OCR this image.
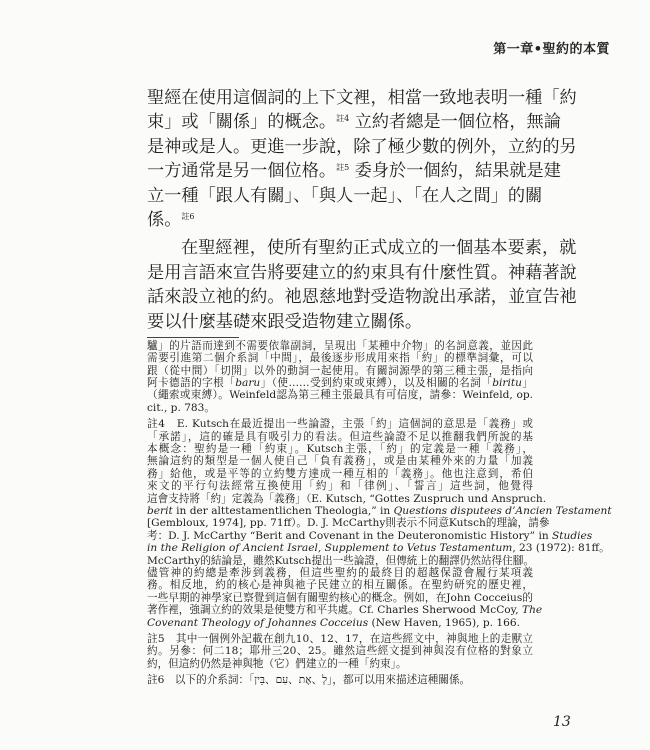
第一章•聖約的本質
聖經在使用這個詞的上下文裡，相當一致地表明一種「約
束」或「關係」的概念。$^{註4}$ 立約者總是一個位格，無論
是神或是人。更進一步說，除了極少數的例外，立約的另
一方通常是另一個位格。$^{註5}$ 委身於一個約，結果就是建
立一種「跟人有關」、「與人一起」、「在人之間」的關
係。$^{註6}$
在聖經裡，使所有聖約正式成立的一個基本要素，就
是用言語來宣告將要建立的約束具有什麼性質。神藉著說
話來設立祂的約。祂恩慈地對受造物說出承諾，並宣告祂
要以什麼基礎來跟受造物建立關係。
驢」的片語而達到不需要依靠副詞，呈現出「某種中介物」的名詞意義，並因此
需要引進第二個介系詞「中間」，最後逐步形成用來指「約」的標準詞彙，可以
跟（從中間）「切開」以外的動詞一起使用。有關詞源學的第三種主張，是指向
阿卡德語的字根「baru」（使……受到約束或束縛），以及相關的名詞「biritu」
（繩索或束縛）。Weinfeld認為第三種主張最具有可信度，請參：Weinfeld, op.
cit., p. 783。
註4　E. Kutsch在最近提出一些論證，主張「約」這個詞的意思是「義務」或
「承諾」，這的確是具有吸引力的看法。但這些論證不足以推翻我們所說的基
本概念：聖約是一種「約束」。Kutsch主張，「約」的定義是一種「義務」，
無論這約的類型是一個人使自己「負有義務」，或是由某種外來的力量「加義
務」給他，或是平等的立約雙方達成一種互相的「義務」。他也注意到，希伯
來文的平行句法經常互換使用「約」和「律例」、「誓言」這些詞，他覺得
這會支持將「約」定義為「義務」（E. Kutsch, “Gottes Zuspruch und Anspruch.
berit in der alttestamentlichen Theologia,” in Questions disputees d’Ancien Testament
[Gembloux, 1974], pp. 71ff）。D. J. McCarthy則表示不同意Kutsch的理論，請參
考：D. J. McCarthy “Berit and Covenant in the Deuteronomistic History” in Studies
in the Religion of Ancient Israel, Supplement to Vetus Testamentum, 23 (1972): 81ff。
McCarthy的結論是，雖然Kutsch提出一些論證，但傳統上的翻譯仍然站得住腳。
儘管神的約總是牽涉到義務，但這些聖約的最終目的超越保證會履行某項義
務。相反地，約的核心是神與祂子民建立的相互關係。在聖約研究的歷史裡，
一些早期的神學家已察覺到這個有關聖約核心的概念。例如，在John Cocceius的
著作裡，強調立約的效果是使雙方和平共處。Cf. Charles Sherwood McCoy, The
Covenant Theology of Johannes Cocceius (New Haven, 1965), p. 166.
註5　其中一個例外記載在創九10、12、17，在這些經文中，神與地上的走獸立
約。另參：何二18；耶卅三20、25。雖然這些經文提到神與沒有位格的對象立
約，但這約仍然是神與牠（它）們建立的一種「約束」。
註6　以下的介系詞：「לְ、אֶת、עִם、בֵּין」，都可以用來描述這種關係。
13
